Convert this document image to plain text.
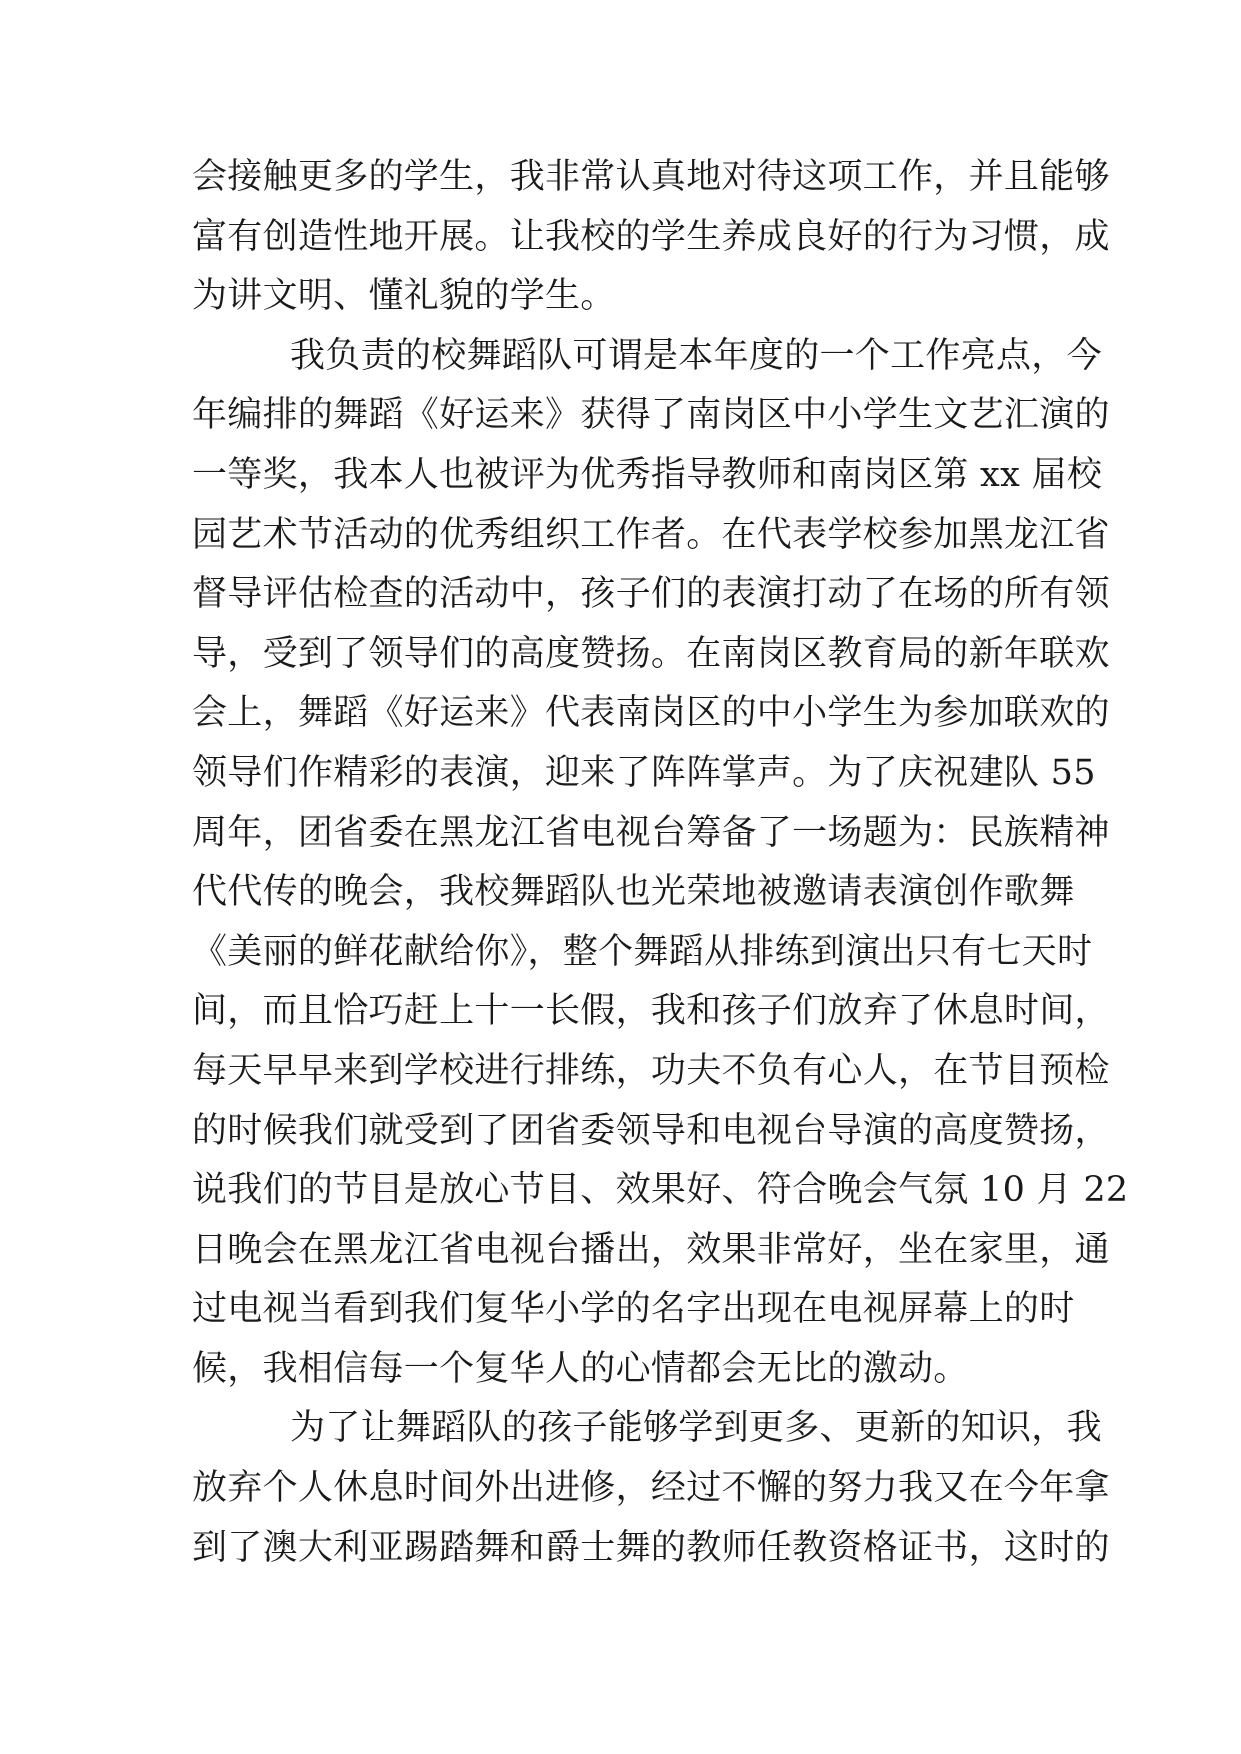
会接触更多的学生，我非常认真地对待这项工作，并且能够
富有创造性地开展。让我校的学生养成良好的行为习惯，成
为讲文明、懂礼貌的学生。

我负责的校舞蹈队可谓是本年度的一个工作亮点，今
年编排的舞蹈《好运来》获得了南岗区中小学生文艺汇演的
一等奖，我本人也被评为优秀指导教师和南岗区第 xx 届校
园艺术节活动的优秀组织工作者。在代表学校参加黑龙江省
督导评估检查的活动中，孩子们的表演打动了在场的所有领
导，受到了领导们的高度赞扬。在南岗区教育局的新年联欢
会上，舞蹈《好运来》代表南岗区的中小学生为参加联欢的
领导们作精彩的表演，迎来了阵阵掌声。为了庆祝建队 55
周年，团省委在黑龙江省电视台筹备了一场题为：民族精神
代代传的晚会，我校舞蹈队也光荣地被邀请表演创作歌舞
《美丽的鲜花献给你》，整个舞蹈从排练到演出只有七天时
间，而且恰巧赶上十一长假，我和孩子们放弃了休息时间，
每天早早来到学校进行排练，功夫不负有心人，在节目预检
的时候我们就受到了团省委领导和电视台导演的高度赞扬，
说我们的节目是放心节目、效果好、符合晚会气氛 10 月 22
日晚会在黑龙江省电视台播出，效果非常好，坐在家里，通
过电视当看到我们复华小学的名字出现在电视屏幕上的时
候，我相信每一个复华人的心情都会无比的激动。

为了让舞蹈队的孩子能够学到更多、更新的知识，我
放弃个人休息时间外出进修，经过不懈的努力我又在今年拿
到了澳大利亚踢踏舞和爵士舞的教师任教资格证书，这时的
